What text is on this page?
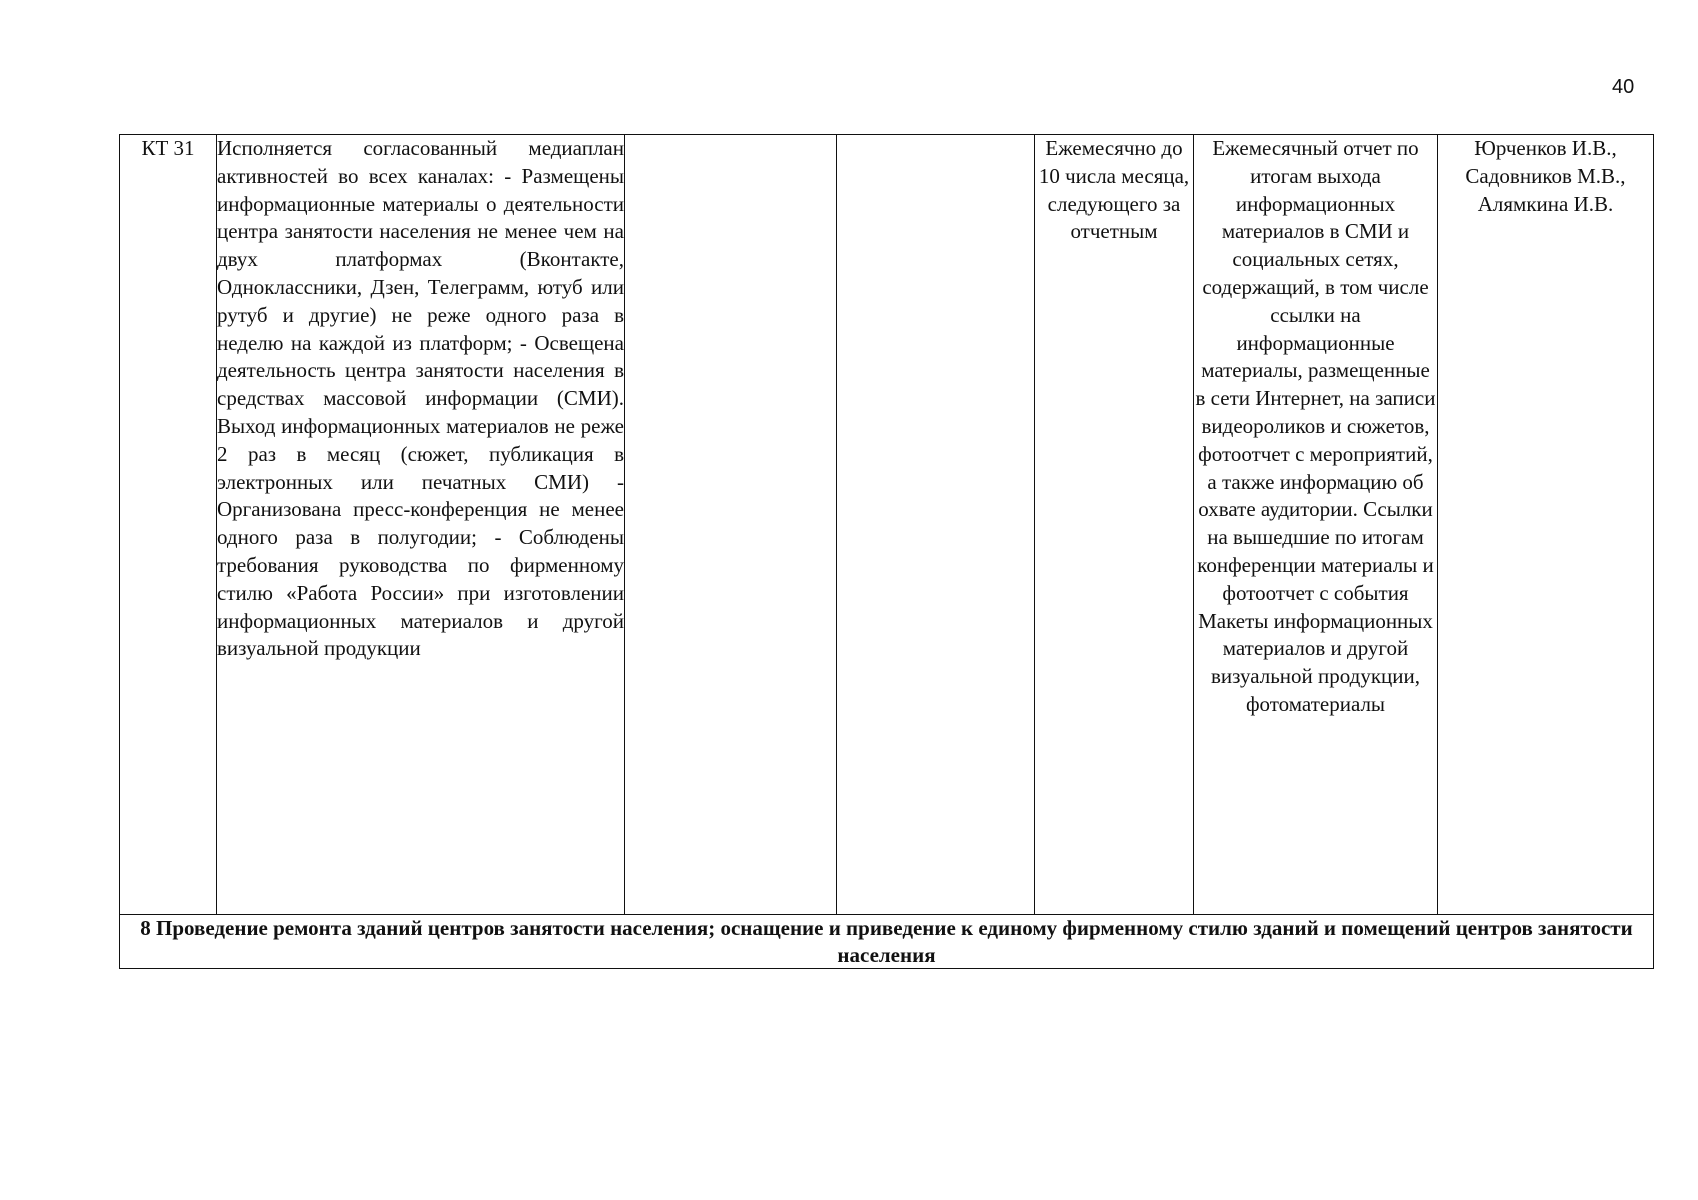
40
КТ 31	Исполняется согласованный медиаплан активностей во всех каналах: - Размещены информационные материалы о деятельности центра занятости населения не менее чем на двух платформах (Вконтакте, Одноклассники, Дзен, Телеграмм, ютуб или рутуб и другие) не реже одного раза в неделю на каждой из платформ; - Освещена деятельность центра занятости населения в средствах массовой информации (СМИ). Выход информационных материалов не реже 2 раз в месяц (сюжет, публикация в электронных или печатных СМИ) - Организована пресс-конференция не менее одного раза в полугодии; - Соблюдены требования руководства по фирменному стилю «Работа России» при изготовлении информационных материалов и другой визуальной продукции			Ежемесячно до 10 числа месяца, следующего за отчетным	Ежемесячный отчет по итогам выхода информационных материалов в СМИ и социальных сетях, содержащий, в том числе ссылки на информационные материалы, размещенные в сети Интернет, на записи видеороликов и сюжетов, фотоотчет с мероприятий, а также информацию об охвате аудитории. Ссылки на вышедшие по итогам конференции материалы и фотоотчет с события Макеты информационных материалов и другой визуальной продукции, фотоматериалы	Юрченков И.В., Садовников М.В., Алямкина И.В.
8 Проведение ремонта зданий центров занятости населения; оснащение и приведение к единому фирменному стилю зданий и помещений центров занятости населения
